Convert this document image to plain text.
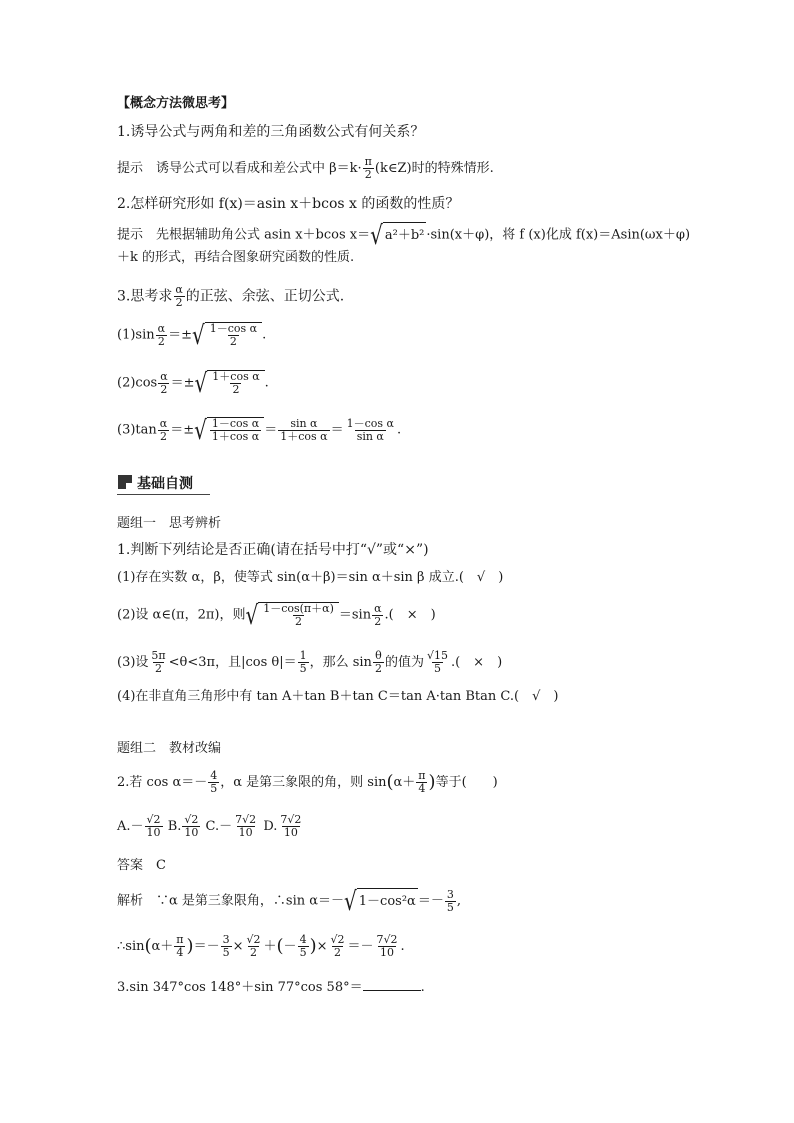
【概念方法微思考】
1.诱导公式与两角和差的三角函数公式有何关系？
提示　诱导公式可以看成和差公式中 $\beta=k\cdot \frac{\pi}{2}$ (k∈Z)时的特殊情形.
2.怎样研究形如 f(x)＝asin x＋bcos x 的函数的性质？
提示　先根据辅助角公式 asin x＋bcos x＝ √ a²＋b² ·sin(x＋φ)，将 f (x)化成 f(x)＝Asin(ωx＋φ)
＋k 的形式，再结合图象研究函数的性质.
3.思考求 $\frac{\alpha}{2}$ 的正弦、余弦、正切公式.
$(1)\sin \frac{\alpha}{2}$ ＝± √ $\frac{\text{1－cos α}}{2}$ .
$(2)\cos \frac{\alpha}{2}$ ＝± √ $\frac{\text{1＋cos α}}{2}$ .
$(3)\tan \frac{\alpha}{2}$ ＝± √ $\frac{\text{1－cos α}}{\text{1＋cos α}} = \frac{\text{sin α}}{\text{1＋cos α}} = \frac{\text{1－cos α}}{\text{sin α}}$ .
基础自测
题组一　思考辨析
1.判断下列结论是否正确(请在括号中打“√”或“×”)
(1)存在实数 α，β，使等式 sin(α＋β)＝sin α＋sin β 成立.(　√　)
(2)设 α∈(π，2π)，则 √ $\frac{1-\cos(\pi+\alpha)}{2} =\sin \frac{\alpha}{2}$ .(　×　)
(3)设 $\frac{5\pi}{2} <\theta<3\pi$，且|cos $\theta|= \frac{1}{5}$ ，那么 $\sin \frac{\theta}{2}$ 的值为 $\frac{√15}{5}$ .(　×　)
(4)在非直角三角形中有 tan A＋tan B＋tan C＝tan A·tan Btan C.(　√　)
题组二　教材改编
2.若 $\cos \alpha=- \frac{4}{5}$ ，α 是第三象限的角，则 $\sin(\alpha+ \frac{\pi}{4}$ )等于(　　)
$A.- \frac{√2}{10} B$. $\frac{√2}{10} C.- \frac{7√2}{10} D$. $\frac{7√2}{10}$
答案　C
解析　∵α 是第三象限角，∴sin α＝－ √ $1-\cos^2\alpha =- \frac{3}{5}$ ,
∴sin(α＋ $\frac{\pi}{4}$ )＝－ $\frac{3}{5} \times \frac{√2}{2}$ ＋(－ $\frac{4}{5}$ )× $\frac{√2}{2} =- \frac{7√2}{10}$ .
3.sin 347°cos 148°＋sin 77°cos 58°＝	.
